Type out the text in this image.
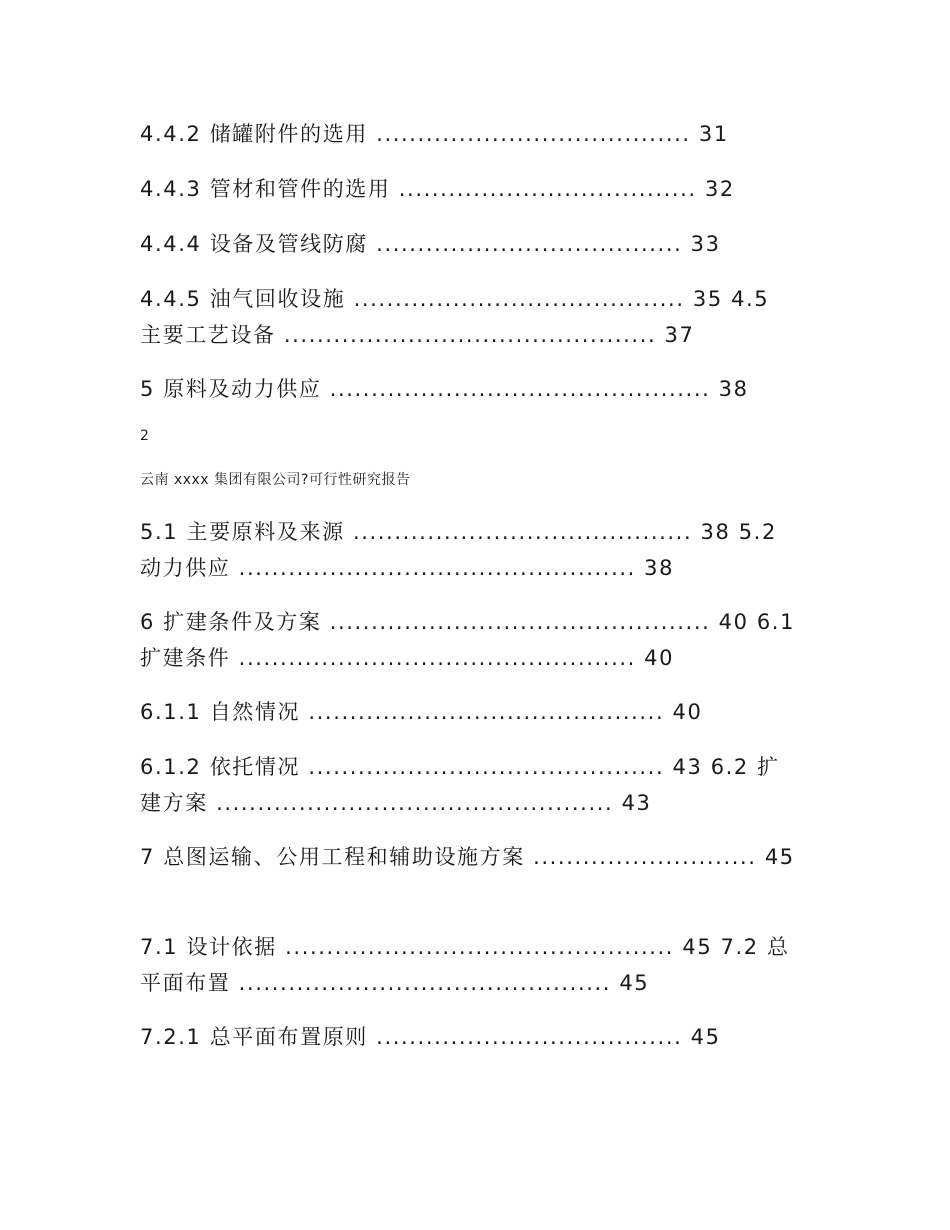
4.4.2 储罐附件的选用 ...................................... 31
4.4.3 管材和管件的选用 .................................... 32
4.4.4 设备及管线防腐 ..................................... 33
4.4.5 油气回收设施 ........................................ 35 4.5 主要工艺设备 ............................................. 37
5 原料及动力供应 .............................................. 38
2
云南 xxxx 集团有限公司?可行性研究报告
5.1 主要原料及来源 ......................................... 38 5.2 动力供应 ................................................ 38
6 扩建条件及方案 .............................................. 40 6.1 扩建条件 ................................................ 40
6.1.1 自然情况 ........................................... 40
6.1.2 依托情况 ........................................... 43 6.2 扩建方案 ................................................ 43
7 总图运输、公用工程和辅助设施方案 ........................... 45
7.1 设计依据 ............................................... 45 7.2 总平面布置 ............................................. 45
7.2.1 总平面布置原则 ..................................... 45
